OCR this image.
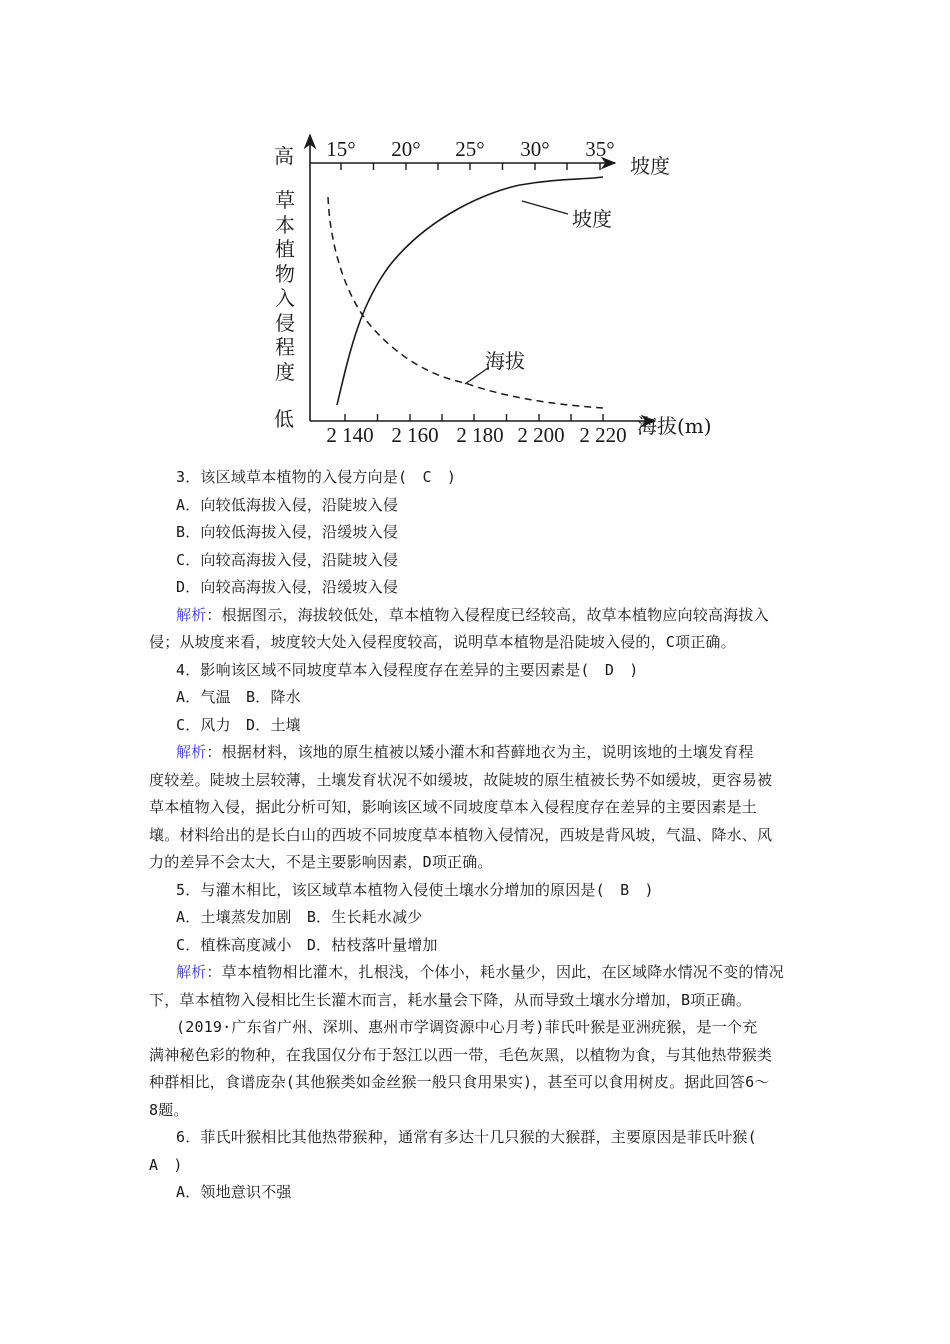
高
草本植物入侵程度
低
坡度
海拔(m)
15° 20° 25° 30° 35°
2 140 2 160 2 180 2 200 2 220
坡度
海拔
3．该区域草本植物的入侵方向是(　C　)
A．向较低海拔入侵，沿陡坡入侵
B．向较低海拔入侵，沿缓坡入侵
C．向较高海拔入侵，沿陡坡入侵
D．向较高海拔入侵，沿缓坡入侵
解析：根据图示，海拔较低处，草本植物入侵程度已经较高，故草本植物应向较高海拔入
侵；从坡度来看，坡度较大处入侵程度较高，说明草本植物是沿陡坡入侵的，C项正确。
4．影响该区域不同坡度草本入侵程度存在差异的主要因素是(　D　)
A．气温　B．降水
C．风力　D．土壤
解析：根据材料，该地的原生植被以矮小灌木和苔藓地衣为主，说明该地的土壤发育程
度较差。陡坡土层较薄，土壤发育状况不如缓坡，故陡坡的原生植被长势不如缓坡，更容易被
草本植物入侵，据此分析可知，影响该区域不同坡度草本入侵程度存在差异的主要因素是土
壤。材料给出的是长白山的西坡不同坡度草本植物入侵情况，西坡是背风坡，气温、降水、风
力的差异不会太大，不是主要影响因素，D项正确。
5．与灌木相比，该区域草本植物入侵使土壤水分增加的原因是(　B　)
A．土壤蒸发加剧　B．生长耗水减少
C．植株高度减小　D．枯枝落叶量增加
解析：草本植物相比灌木，扎根浅，个体小，耗水量少，因此，在区域降水情况不变的情况
下，草本植物入侵相比生长灌木而言，耗水量会下降，从而导致土壤水分增加，B项正确。
(2019·广东省广州、深圳、惠州市学调资源中心月考)菲氏叶猴是亚洲疣猴，是一个充
满神秘色彩的物种，在我国仅分布于怒江以西一带，毛色灰黑，以植物为食，与其他热带猴类
种群相比，食谱庞杂(其他猴类如金丝猴一般只食用果实)，甚至可以食用树皮。据此回答6～
8题。
6．菲氏叶猴相比其他热带猴种，通常有多达十几只猴的大猴群，主要原因是菲氏叶猴(
A　)
A．领地意识不强
